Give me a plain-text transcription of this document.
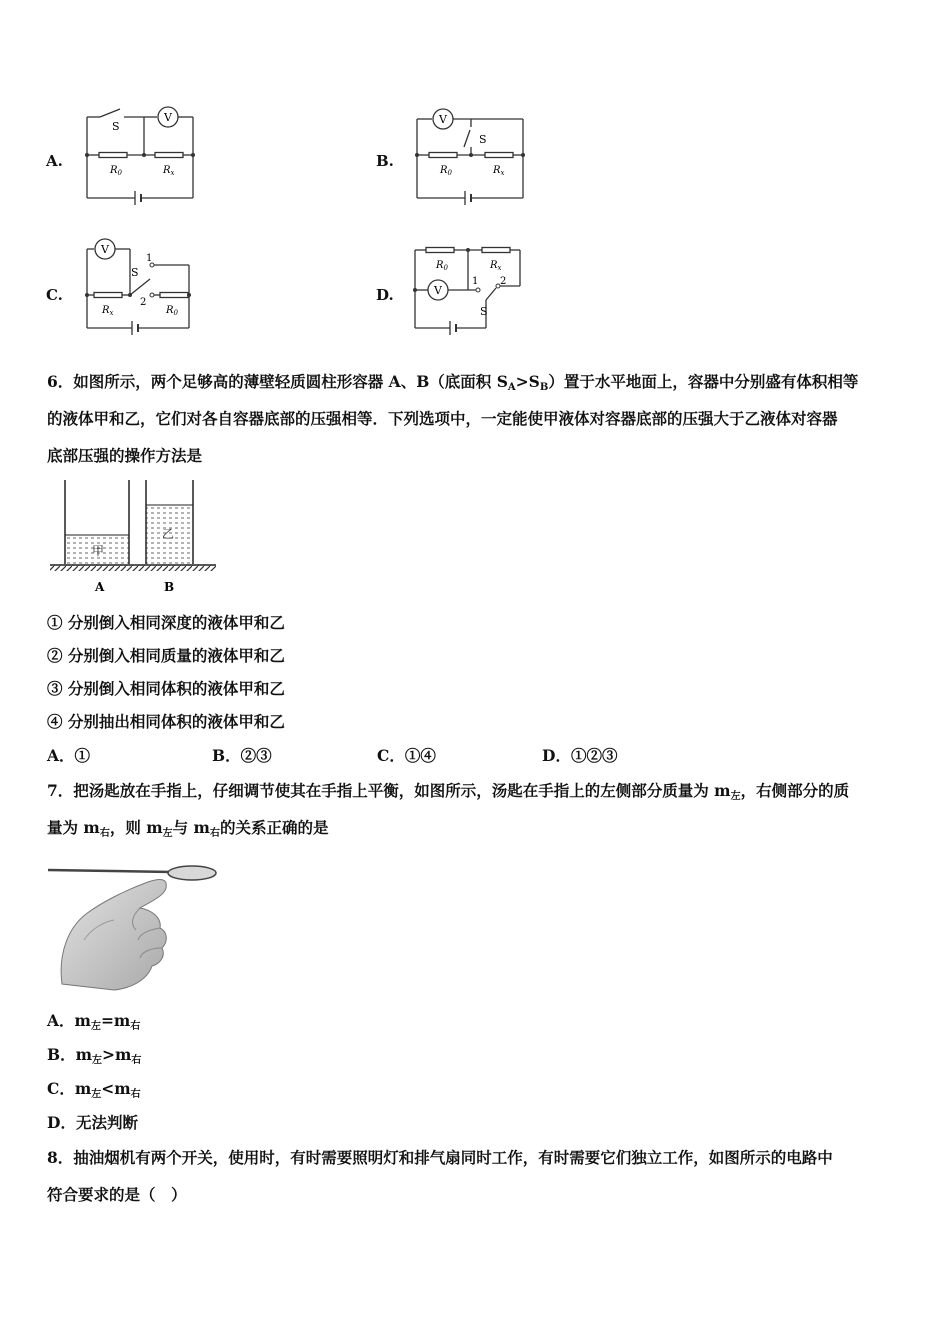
A.	B.
C.	D.
V
S
$R_0$	$R_x$
V
S
$R_0$	$R_x$
V
S
1
2
$R_x$	$R_0$
V
S
1 2
$R_0$	$R_x$
6．如图所示，两个足够高的薄壁轻质圆柱形容器 A、B（底面积 $S_A>S_B$）置于水平地面上，容器中分别盛有体积相等
的液体甲和乙，它们对各自容器底部的压强相等．下列选项中，一定能使甲液体对容器底部的压强大于乙液体对容器
底部压强的操作方法是
甲
乙
A	B
① 分别倒入相同深度的液体甲和乙
② 分别倒入相同质量的液体甲和乙
③ 分别倒入相同体积的液体甲和乙
④ 分别抽出相同体积的液体甲和乙
A．①	B．②③	C．①④	D．①②③
7．把汤匙放在手指上，仔细调节使其在手指上平衡，如图所示，汤匙在手指上的左侧部分质量为 $m_左$，右侧部分的质
量为 $m_右$，则 $m_左$与 $m_右$的关系正确的是
A．$m_左=m_右$
B．$m_左>m_右$
C．$m_左<m_右$
D．无法判断
8．抽油烟机有两个开关，使用时，有时需要照明灯和排气扇同时工作，有时需要它们独立工作，如图所示的电路中
符合要求的是（　）
